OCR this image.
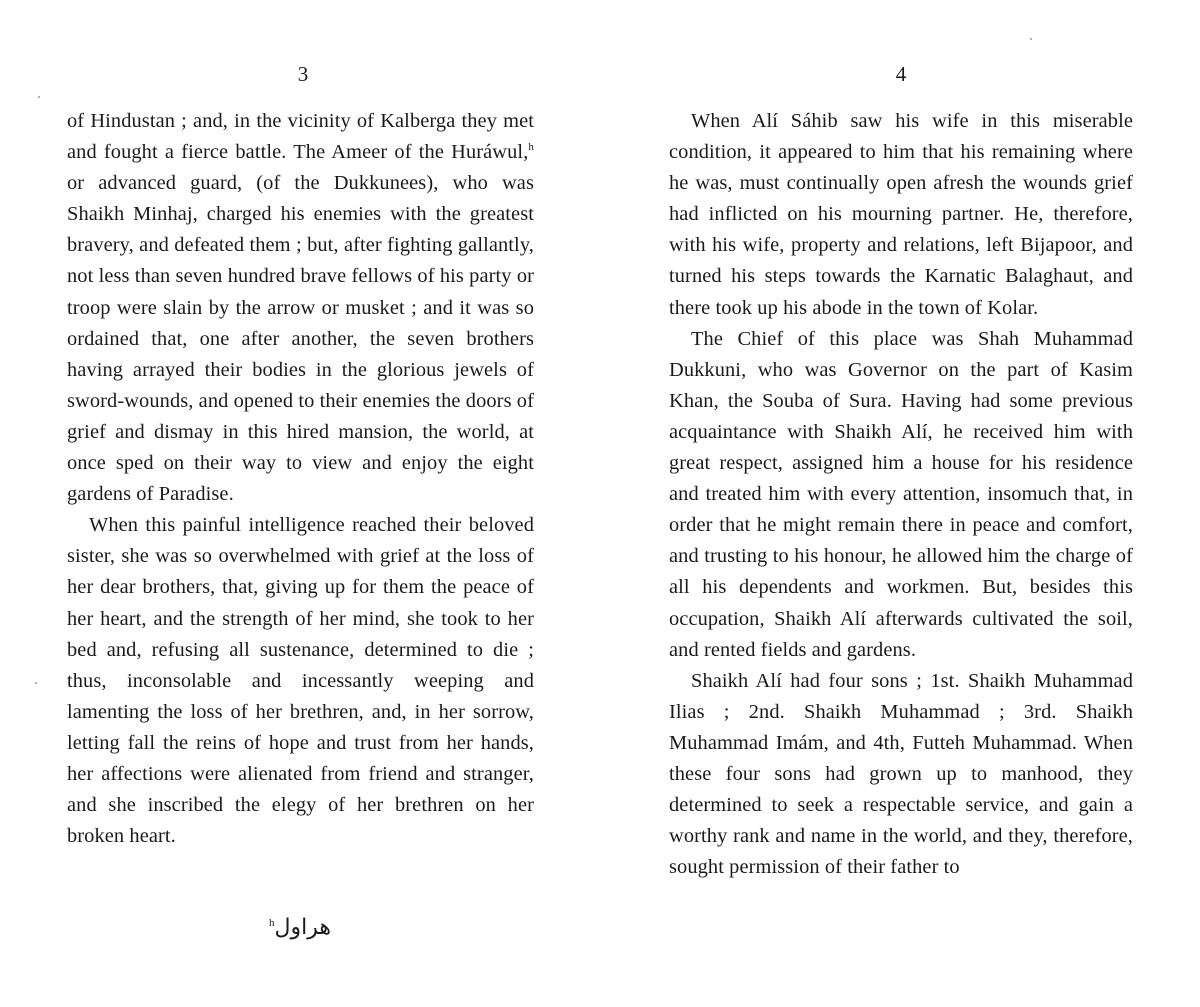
3

of Hindustan ; and, in the vicinity of Kalberga they met and fought a fierce battle. The Ameer of the Huráwul,$^h$ or advanced guard, (of the Dukkunees), who was Shaikh Minhaj, charged his enemies with the greatest bravery, and defeated them ; but, after fighting gallantly, not less than seven hundred brave fellows of his party or troop were slain by the arrow or musket ; and it was so ordained that, one after another, the seven brothers having arrayed their bodies in the glorious jewels of sword-wounds, and opened to their enemies the doors of grief and dismay in this hired mansion, the world, at once sped on their way to view and enjoy the eight gardens of Paradise.

When this painful intelligence reached their beloved sister, she was so overwhelmed with grief at the loss of her dear brothers, that, giving up for them the peace of her heart, and the strength of her mind, she took to her bed and, refusing all sustenance, determined to die ; thus, inconsolable and incessantly weeping and lamenting the loss of her brethren, and, in her sorrow, letting fall the reins of hope and trust from her hands, her affections were alienated from friend and stranger, and she inscribed the elegy of her brethren on her broken heart.

هراول$^h$
4

When Alí Sáhib saw his wife in this miserable condition, it appeared to him that his remaining where he was, must continually open afresh the wounds grief had inflicted on his mourning partner. He, therefore, with his wife, property and relations, left Bijapoor, and turned his steps towards the Karnatic Balaghaut, and there took up his abode in the town of Kolar.

The Chief of this place was Shah Muhammad Dukkuni, who was Governor on the part of Kasim Khan, the Souba of Sura. Having had some previous acquaintance with Shaikh Alí, he received him with great respect, assigned him a house for his residence and treated him with every attention, insomuch that, in order that he might remain there in peace and comfort, and trusting to his honour, he allowed him the charge of all his dependents and workmen. But, besides this occupation, Shaikh Alí afterwards cultivated the soil, and rented fields and gardens.

Shaikh Alí had four sons ; 1st. Shaikh Muhammad Ilias ; 2nd. Shaikh Muhammad ; 3rd. Shaikh Muhammad Imám, and 4th, Futteh Muhammad. When these four sons had grown up to manhood, they determined to seek a respectable service, and gain a worthy rank and name in the world, and they, therefore, sought permission of their father to
